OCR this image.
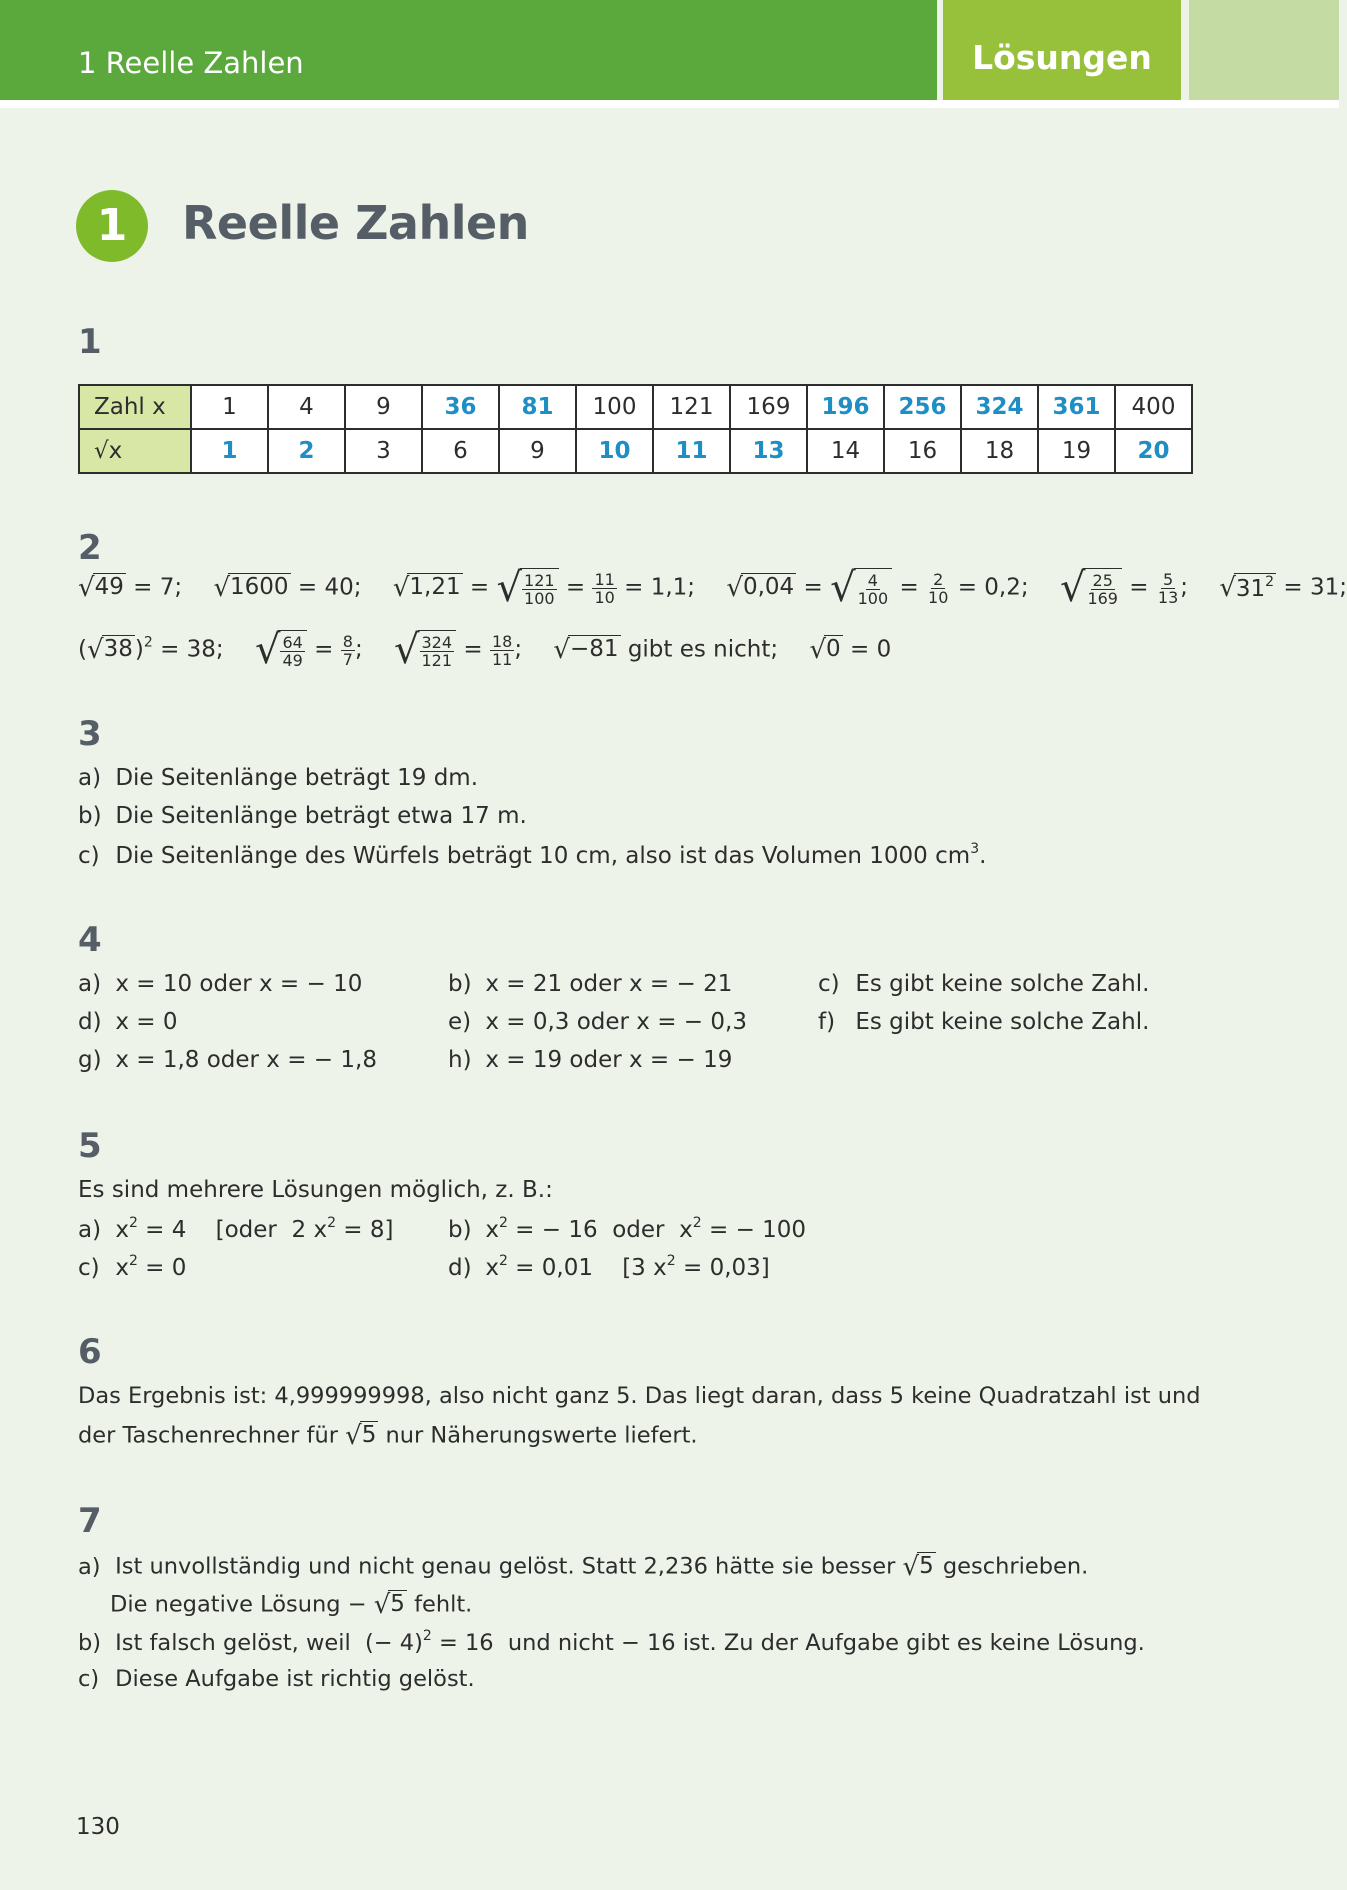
1 Reelle Zahlen	Lösungen
1	Reelle Zahlen
1
Zahl x	1	4	9	36	81	100	121	169	196	256	324	361	400
√x	1	2	3	6	9	10	11	13	14	16	18	19	20
2
√49 = 7; √1600 = 40; √1,21 = √ $\frac{121}{100} = \frac{11}{10} = 1,1$; √0,04 = √ $\frac{4}{100} = \frac{2}{10} = 0,2$; √ $\frac{25}{169} = \frac{5}{13}$ ; $√31^2 = 31$;
$(√38)^2 = 38$; √ $\frac{64}{49} = \frac{8}{7}$ ; √ $\frac{324}{121} = \frac{18}{11}$ ; √−81 gibt es nicht; √0 = 0
3
a) Die Seitenlänge beträgt 19 dm.
b) Die Seitenlänge beträgt etwa 17 m.
c) Die Seitenlänge des Würfels beträgt 10 cm, also ist das Volumen 1000 $cm^3$.
4
a) x = 10 oder x = − 10	b) x = 21 oder x = − 21	c) Es gibt keine solche Zahl.
d) x = 0	e) x = 0,3 oder x = − 0,3	f) Es gibt keine solche Zahl.
g) x = 1,8 oder x = − 1,8	h) x = 19 oder x = − 19
5
Es sind mehrere Lösungen möglich, z. B.:
a) $x^2 = 4$    [oder  2 $x^2 = 8$] b) $x^2$ = − 16  oder  $x^2$ = − 100
c) $x^2 = 0$	d) $x^2 = 0,01$    [3 $x^2 = 0,03$]
6
Das Ergebnis ist: 4,999999998, also nicht ganz 5. Das liegt daran, dass 5 keine Quadratzahl ist und
der Taschenrechner für √5 nur Näherungswerte liefert.
7
a) Ist unvollständig und nicht genau gelöst. Statt 2,236 hätte sie besser √5 geschrieben.
Die negative Lösung − √5 fehlt.
b) Ist falsch gelöst, weil  (− 4)$^2$ = 16  und nicht − 16 ist. Zu der Aufgabe gibt es keine Lösung.
c) Diese Aufgabe ist richtig gelöst.
130
